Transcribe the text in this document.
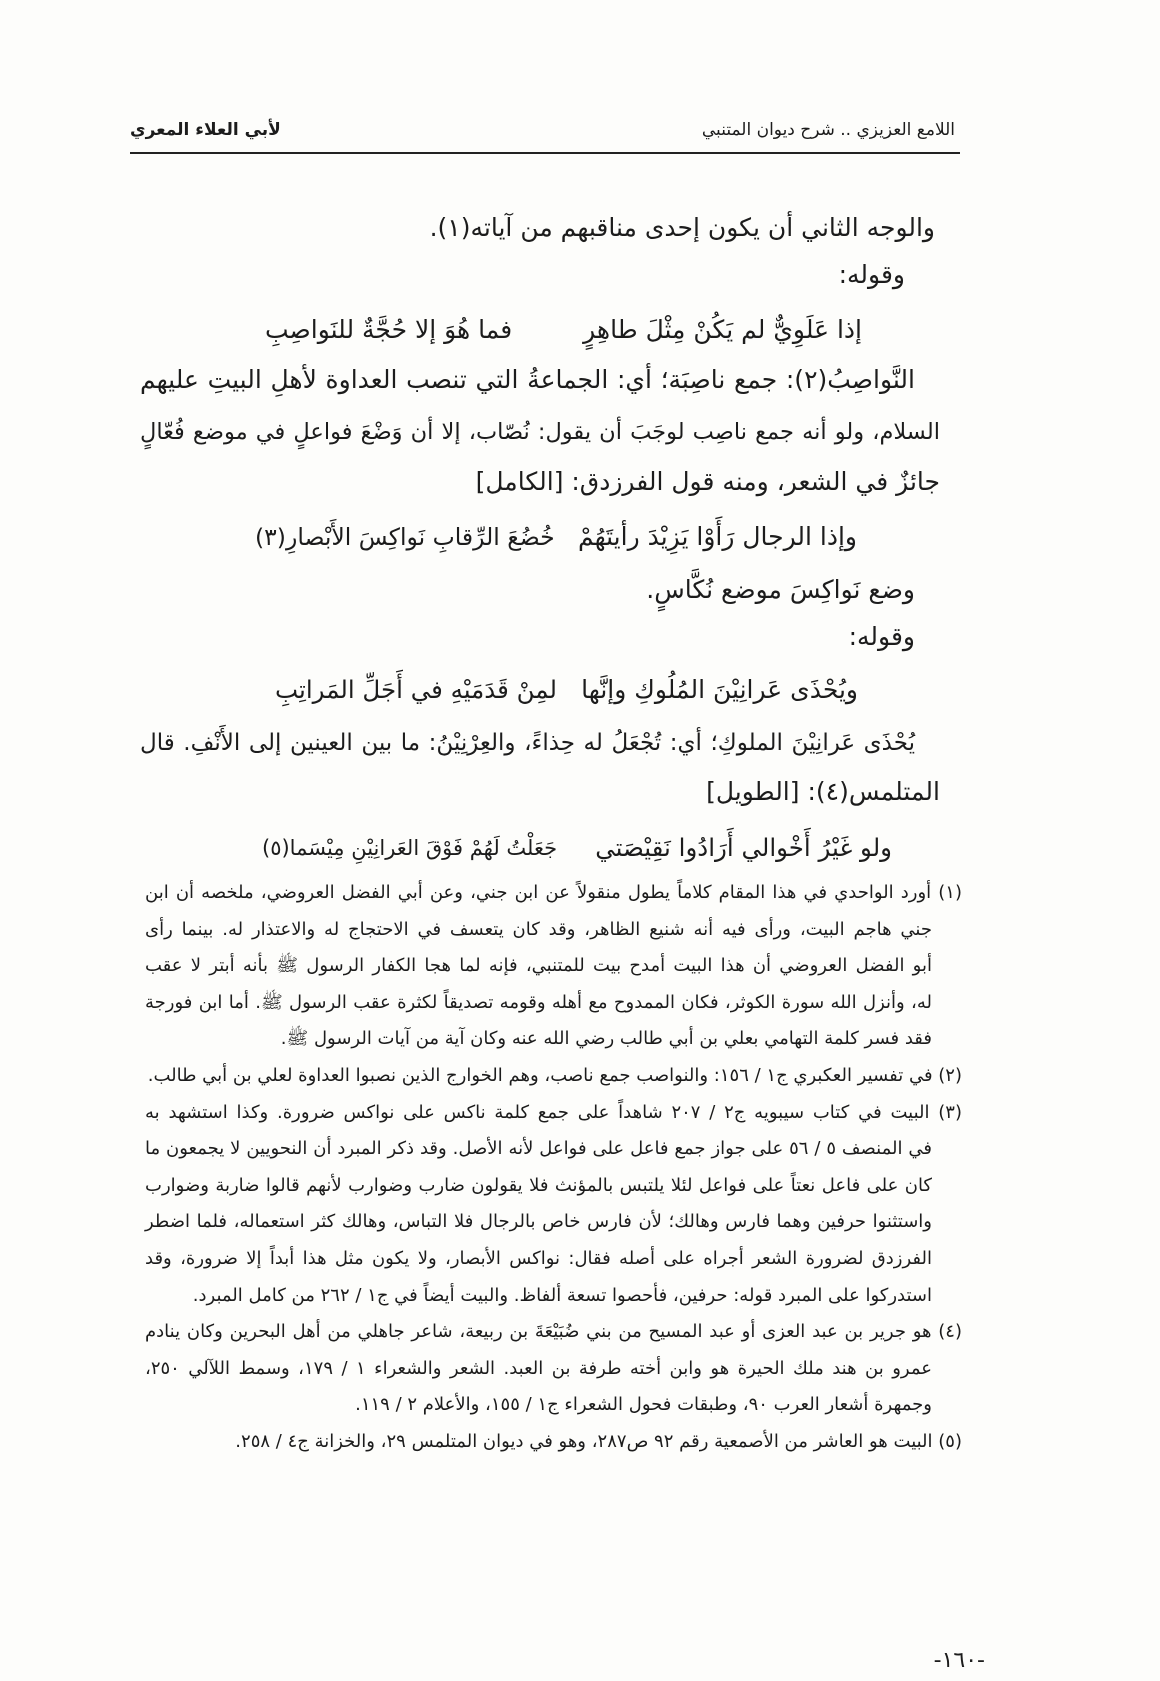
اللامع العزيزي .. شرح ديوان المتنبي
لأبي العلاء المعري
والوجه الثاني أن يكون إحدى مناقبهم من آياته(١).
وقوله:
إذا عَلَوِيٌّ لم يَكُنْ مِثْلَ طاهِرٍ
فما هُوَ إلا حُجَّةٌ للنَواصِبِ
النَّواصِبُ(٢): جمع ناصِبَة؛ أي: الجماعةُ التي تنصب العداوة لأهلِ البيتِ عليهم
السلام، ولو أنه جمع ناصِب لوجَبَ أن يقول: نُصّاب، إلا أن وَضْعَ فواعلٍ في موضع فُعّالٍ
جائزٌ في الشعر، ومنه قول الفرزدق: [الكامل]
وإذا الرجال رَأَوْا يَزِيْدَ رأيتَهُمْ
خُضُعَ الرِّقابِ نَواكِسَ الأَبْصارِ(٣)
وضع نَواكِسَ موضع نُكَّاسٍ.
وقوله:
ويُحْذَى عَرانِيْنَ المُلُوكِ وإنَّها
لمِنْ قَدَمَيْهِ في أَجَلِّ المَراتِبِ
يُحْذَى عَرانِيْنَ الملوكِ؛ أي: تُجْعَلُ له حِذاءً، والعِرْنِيْنُ: ما بين العينين إلى الأَنْفِ. قال
المتلمس(٤): [الطويل]
ولو غَيْرُ أَخْوالي أَرَادُوا نَقِيْصَتي
جَعَلْتُ لَهُمْ فَوْقَ العَرانِيْنِ مِيْسَما(٥)
(١) أورد الواحدي في هذا المقام كلاماً يطول منقولاً عن ابن جني، وعن أبي الفضل العروضي، ملخصه أن ابن
جني هاجم البيت، ورأى فيه أنه شنيع الظاهر، وقد كان يتعسف في الاحتجاج له والاعتذار له. بينما رأى
أبو الفضل العروضي أن هذا البيت أمدح بيت للمتنبي، فإنه لما هجا الكفار الرسول ﷺ بأنه أبتر لا عقب
له، وأنزل الله سورة الكوثر، فكان الممدوح مع أهله وقومه تصديقاً لكثرة عقب الرسول ﷺ. أما ابن فورجة
فقد فسر كلمة التهامي بعلي بن أبي طالب رضي الله عنه وكان آية من آيات الرسول ﷺ.
(٢) في تفسير العكبري ج١ / ١٥٦: والنواصب جمع ناصب، وهم الخوارج الذين نصبوا العداوة لعلي بن أبي طالب.
(٣) البيت في كتاب سيبويه ج٢ / ٢٠٧ شاهداً على جمع كلمة ناكس على نواكس ضرورة. وكذا استشهد به
في المنصف ٥ / ٥٦ على جواز جمع فاعل على فواعل لأنه الأصل. وقد ذكر المبرد أن النحويين لا يجمعون ما
كان على فاعل نعتاً على فواعل لئلا يلتبس بالمؤنث فلا يقولون ضارب وضوارب لأنهم قالوا ضاربة وضوارب
واستثنوا حرفين وهما فارس وهالك؛ لأن فارس خاص بالرجال فلا التباس، وهالك كثر استعماله، فلما اضطر
الفرزدق لضرورة الشعر أجراه على أصله فقال: نواكس الأبصار، ولا يكون مثل هذا أبداً إلا ضرورة، وقد
استدركوا على المبرد قوله: حرفين، فأحصوا تسعة ألفاظ. والبيت أيضاً في ج١ / ٢٦٢ من كامل المبرد.
(٤) هو جرير بن عبد العزى أو عبد المسيح من بني ضُبَيْعَةَ بن ربيعة، شاعر جاهلي من أهل البحرين وكان ينادم
عمرو بن هند ملك الحيرة هو وابن أخته طرفة بن العبد. الشعر والشعراء ١ / ١٧٩، وسمط اللآلي ٢٥٠،
وجمهرة أشعار العرب ٩٠، وطبقات فحول الشعراء ج١ / ١٥٥، والأعلام ٢ / ١١٩.
(٥) البيت هو العاشر من الأصمعية رقم ٩٢ ص٢٨٧، وهو في ديوان المتلمس ٢٩، والخزانة ج٤ / ٢٥٨.
-١٦٠-
